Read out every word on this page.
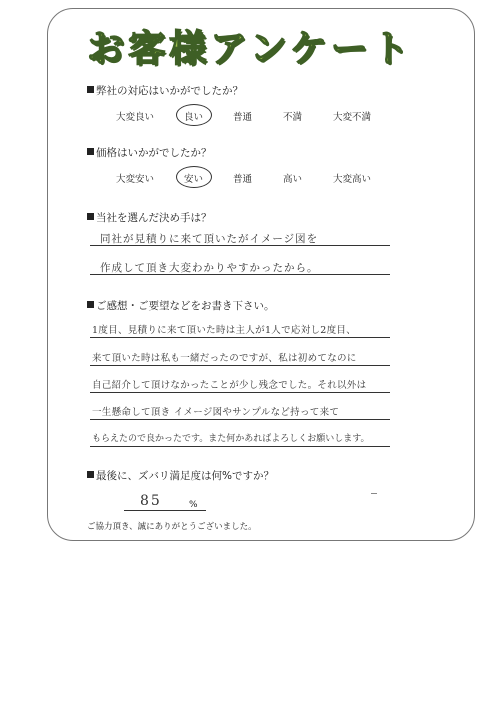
お客様アンケート
弊社の対応はいかがでしたか？
大変良い	良い	普通	不満	大変不満
価格はいかがでしたか？
大変安い	安い	普通	高い	大変高い
当社を選んだ決め手は？
同社が見積りに来て頂いたがイメージ図を
作成して頂き大変わかりやすかったから。
ご感想・ご要望などをお書き下さい。
1度目、見積りに来て頂いた時は主人が1人で応対し2度目、
来て頂いた時は私も一緒だったのですが、私は初めてなのに
自己紹介して頂けなかったことが少し残念でした。それ以外は
一生懸命して頂き イメージ図やサンプルなど持って来て
もらえたので良かったです。また何かあればよろしくお願いします。
最後に、ズバリ満足度は何%ですか？
85	%
ご協力頂き、誠にありがとうございました。
